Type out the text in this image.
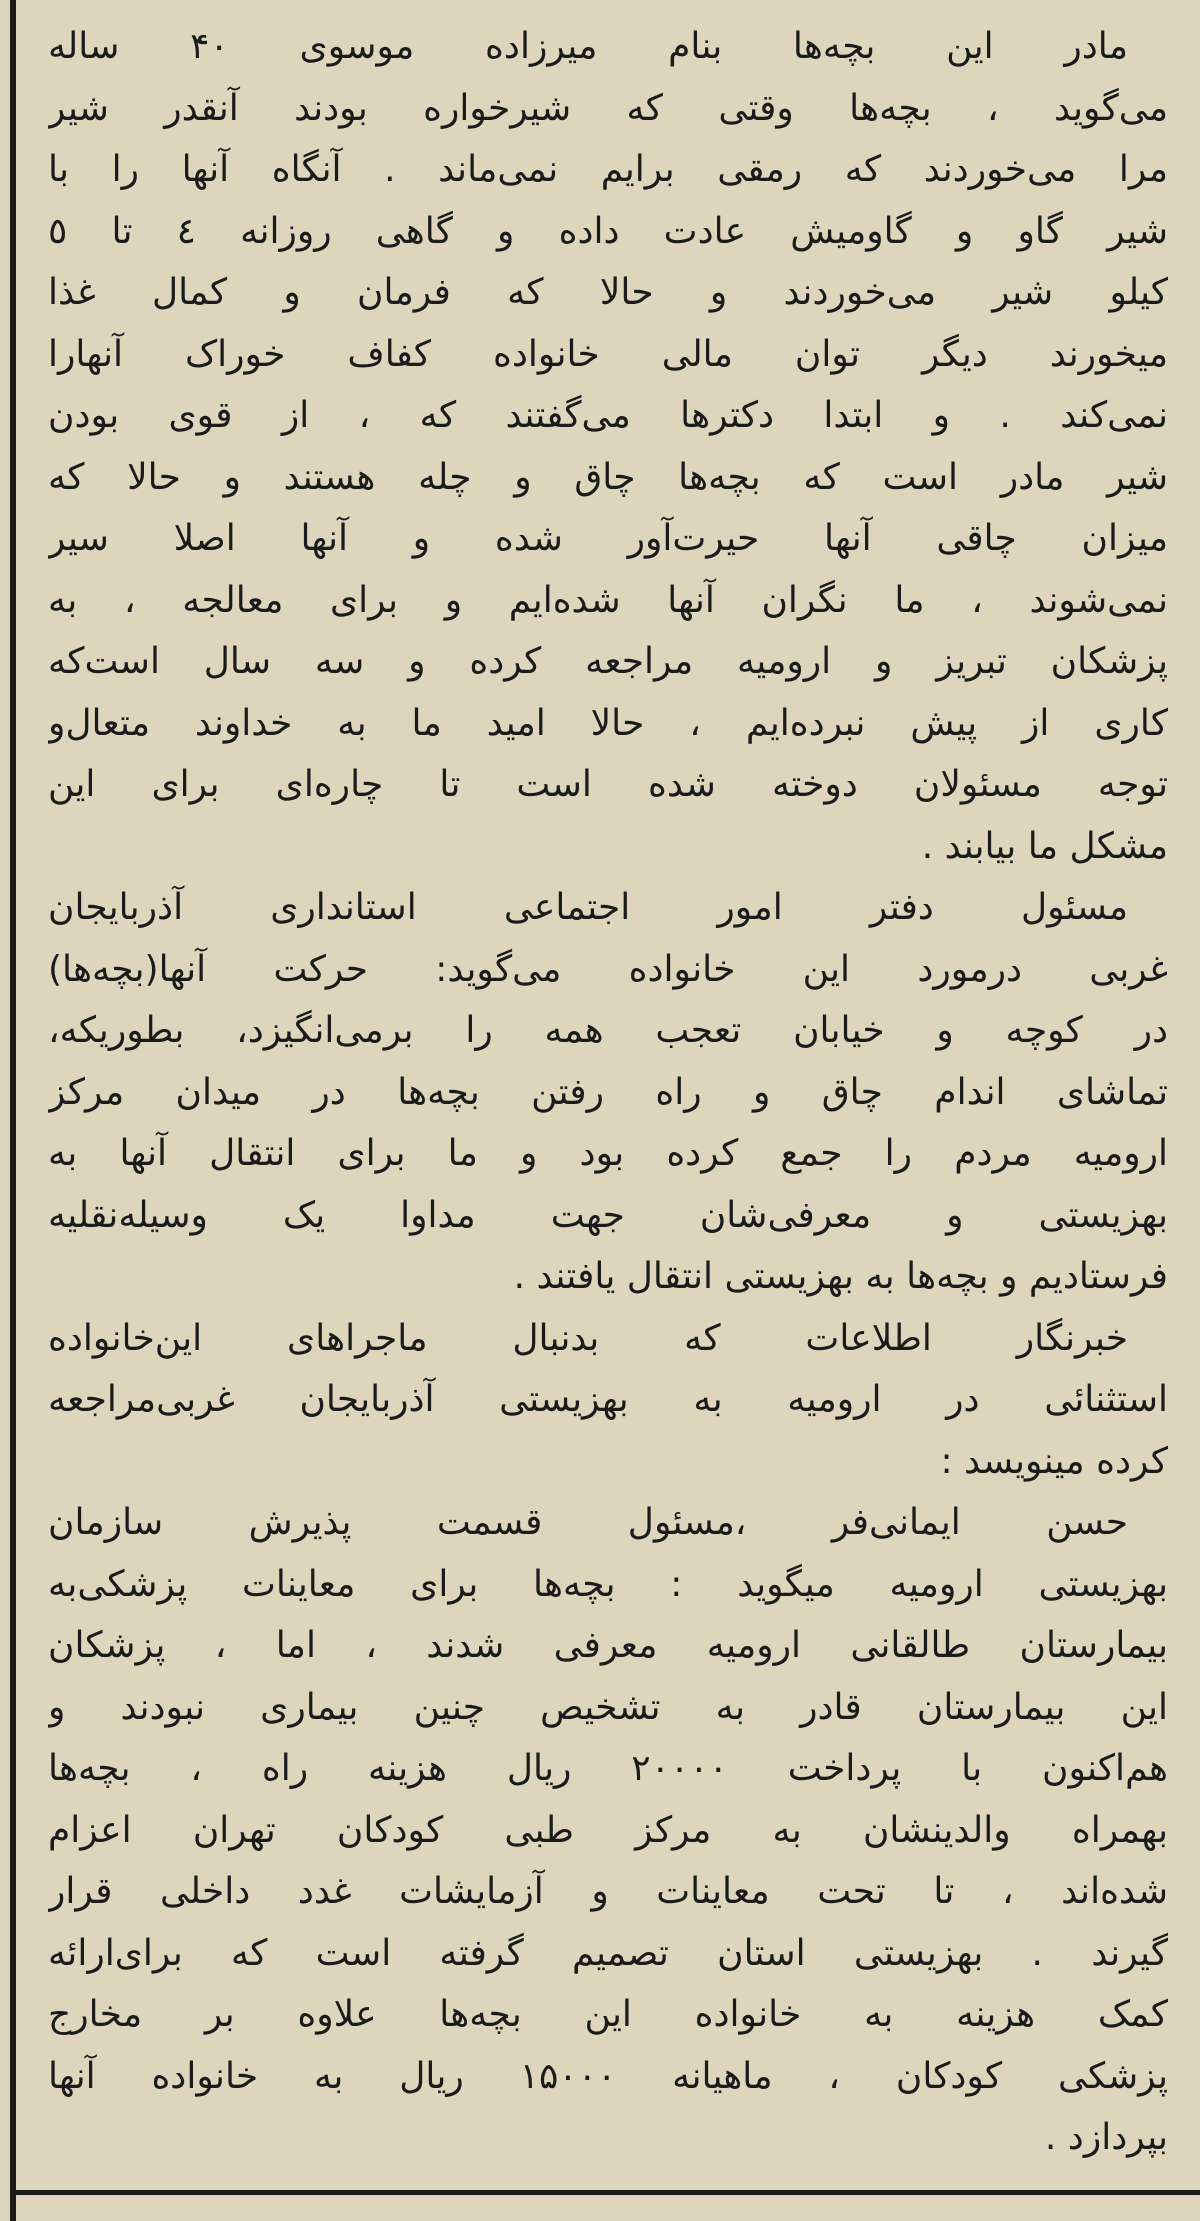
مادر این بچه‌ها بنام میرزاده موسوی ۴۰ ساله
می‌گوید ، بچه‌ها وقتی که شیرخواره بودند آنقدر شیر
مرا می‌خوردند که رمقی برایم نمی‌ماند . آنگاه آنها را با
شیر گاو و گاومیش عادت داده و گاهی روزانه ٤ تا ٥
کیلو شیر می‌خوردند و حالا که فرمان و کمال غذا
میخورند دیگر توان مالی خانواده کفاف خوراک آنهارا
نمی‌کند . و ابتدا دکترها می‌گفتند که ، از قوی بودن
شیر مادر است که بچه‌ها چاق و چله هستند و حالا که
میزان چاقی آنها حیرت‌آور شده و آنها اصلا سیر
نمی‌شوند ، ما نگران آنها شده‌ایم و برای معالجه ، به
پزشکان تبریز و ارومیه مراجعه کرده و سه سال است‌که
کاری از پیش نبرده‌ایم ، حالا امید ما به خداوند متعال‌و
توجه مسئولان دوخته شده است تا چاره‌ای برای این
مشکل ما بیابند .
مسئول دفتر امور اجتماعی استانداری آذربایجان
غربی درمورد این خانواده می‌گوید: حرکت آنها(بچه‌ها)
در کوچه و خیابان تعجب همه را برمی‌انگیزد، بطوریکه،
تماشای اندام چاق و راه رفتن بچه‌ها در میدان مرکز
ارومیه مردم را جمع کرده بود و ما برای انتقال آنها به
بهزیستی و معرفی‌شان جهت مداوا یک وسیله‌نقلیه
فرستادیم و بچه‌ها به بهزیستی انتقال یافتند .
خبرنگار اطلاعات که بدنبال ماجراهای این‌خانواده
استثنائی در ارومیه به بهزیستی آذربایجان غربی‌مراجعه
کرده مینویسد :
حسن ایمانی‌فر ،مسئول قسمت پذیرش سازمان
بهزیستی ارومیه میگوید : بچه‌ها برای معاینات پزشکی‌به
بیمارستان طالقانی ارومیه معرفی شدند ، اما ، پزشکان
این بیمارستان قادر به تشخیص چنین بیماری نبودند و
هم‌اکنون با پرداخت ۲۰۰۰۰ ریال هزینه راه ، بچه‌ها
بهمراه والدینشان به مرکز طبی کودکان تهران اعزام
شده‌اند ، تا تحت معاینات و آزمایشات غدد داخلی قرار
گیرند . بهزیستی استان تصمیم گرفته است که برای‌ارائه
کمک هزینه به خانواده این بچه‌ها علاوه بر مخارج
پزشکی کودکان ، ماهیانه ۱۵۰۰۰ ریال به خانواده آنها
بپردازد .
